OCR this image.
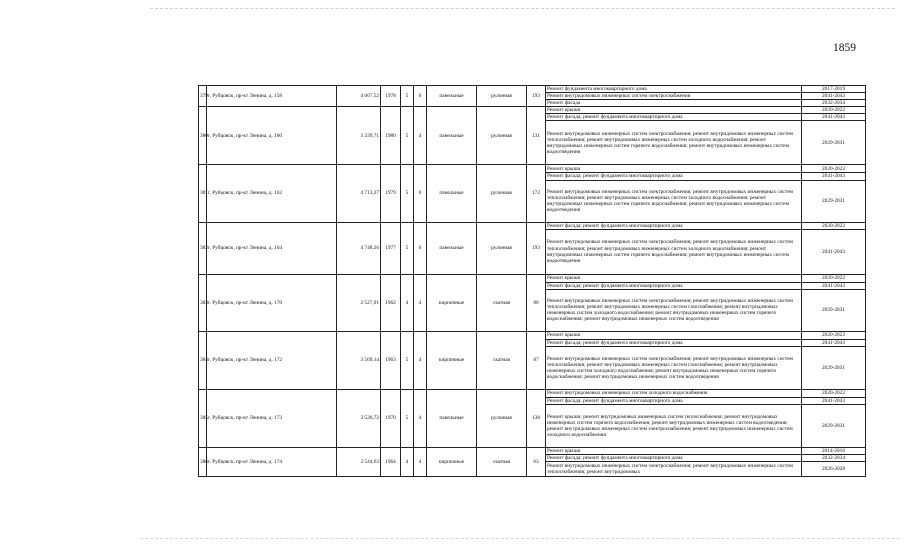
1859
379	г. Рубцовск, пр-кт Ленина, д. 158	4 667,52	1978	5	6	панельные	рулонная	193	Ремонт фундамента многоквартирного дома	2017-2019
									Ремонт внутридомовых инженерных систем электроснабжения	2041-2043
									Ремонт фасада	2032-2034
380	г. Рубцовск, пр-кт Ленина, д. 160	3 339,71	1980	5	4	панельные	рулонная	131	Ремонт крыши	2020-2022
									Ремонт фасада; ремонт фундамента многоквартирного дома	2041-2043
									Ремонт внутридомовых инженерных систем электроснабжения; ремонт внутридомовых инженерных систем теплоснабжения; ремонт внутридомовых инженерных систем холодного водоснабжения; ремонт внутридомовых инженерных систем горячего водоснабжения; ремонт внутридомовых инженерных систем водоотведения	2029-2031
381	г. Рубцовск, пр-кт Ленина, д. 162	4 713,37	1979	5	6	панельные	рулонная	172	Ремонт крыши	2020-2022
									Ремонт фасада; ремонт фундамента многоквартирного дома	2041-2043
									Ремонт внутридомовых инженерных систем электроснабжения; ремонт внутридомовых инженерных систем теплоснабжения; ремонт внутридомовых инженерных систем холодного водоснабжения; ремонт внутридомовых инженерных систем горячего водоснабжения; ремонт внутридомовых инженерных систем водоотведения	2029-2031
382	г. Рубцовск, пр-кт Ленина, д. 164	4 748,26	1977	5	6	панельные	рулонная	193	Ремонт фасада; ремонт фундамента многоквартирного дома	2020-2022
									Ремонт внутридомовых инженерных систем электроснабжения; ремонт внутридомовых инженерных систем теплоснабжения; ремонт внутридомовых инженерных систем холодного водоснабжения; ремонт внутридомовых инженерных систем горячего водоснабжения; ремонт внутридомовых инженерных систем водоотведения	2041-2043
383	г. Рубцовск, пр-кт Ленина, д. 170	2 527,01	1962	4	4	кирпичные	скатная	80	Ремонт крыши	2020-2022
									Ремонт фасада; ремонт фундамента многоквартирного дома	2041-2043
									Ремонт внутридомовых инженерных систем электроснабжения; ремонт внутридомовых инженерных систем теплоснабжения; ремонт внутридомовых инженерных систем газоснабжения; ремонт внутридомовых инженерных систем холодного водоснабжения; ремонт внутридомовых инженерных систем горячего водоснабжения; ремонт внутридомовых инженерных систем водоотведения	2029-2031
384	г. Рубцовск, пр-кт Ленина, д. 172	3 569,14	1963	5	4	кирпичные	скатная	87	Ремонт крыши	2020-2022
									Ремонт фасада; ремонт фундамента многоквартирного дома	2041-2043
									Ремонт внутридомовых инженерных систем электроснабжения; ремонт внутридомовых инженерных систем теплоснабжения; ремонт внутридомовых инженерных систем газоснабжения; ремонт внутридомовых инженерных систем холодного водоснабжения; ремонт внутридомовых инженерных систем горячего водоснабжения; ремонт внутридомовых инженерных систем водоотведения	2029-2031
385	г. Рубцовск, пр-кт Ленина, д. 173	3 526,72	1970	5	4	панельные	рулонная	138	Ремонт внутридомовых инженерных систем холодного водоснабжения	2020-2022
									Ремонт фасада; ремонт фундамента многоквартирного дома	2041-2043
									Ремонт крыши; ремонт внутридомовых инженерных систем теплоснабжения; ремонт внутридомовых инженерных систем горячего водоснабжения; ремонт внутридомовых инженерных систем водоотведения; ремонт внутридомовых инженерных систем электроснабжения; ремонт внутридомовых инженерных систем холодного водоснабжения	2029-2031
386	г. Рубцовск, пр-кт Ленина, д. 174	2 544,63	1964	4	4	кирпичные	скатная	63	Ремонт крыши	2014-2016
									Ремонт фасада; ремонт фундамента многоквартирного дома	2032-2034
									Ремонт внутридомовых инженерных систем электроснабжения; ремонт внутридомовых инженерных систем теплоснабжения; ремонт внутридомовых	2026-2028
